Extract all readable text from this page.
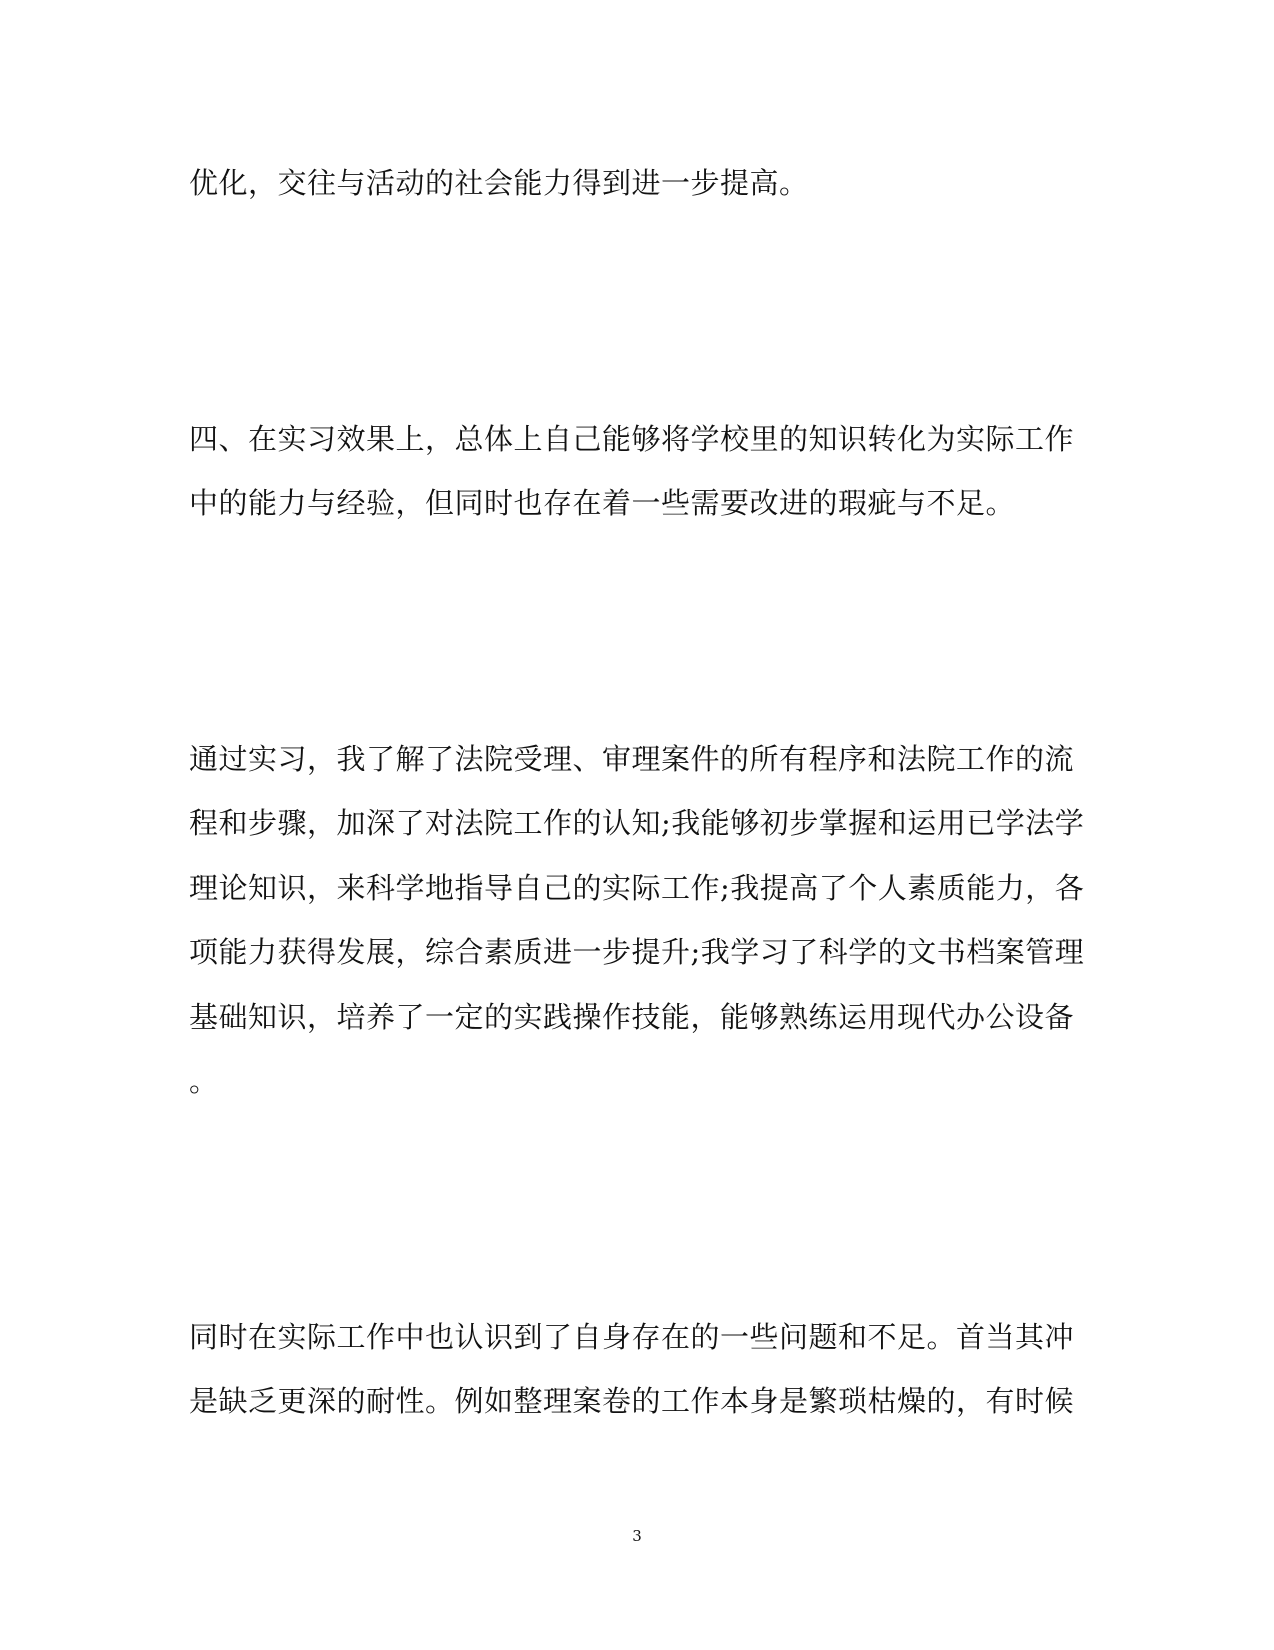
优化，交往与活动的社会能力得到进一步提高。
四、在实习效果上，总体上自己能够将学校里的知识转化为实际工作
中的能力与经验，但同时也存在着一些需要改进的瑕疵与不足。
通过实习，我了解了法院受理、审理案件的所有程序和法院工作的流
程和步骤，加深了对法院工作的认知;我能够初步掌握和运用已学法学
理论知识，来科学地指导自己的实际工作;我提高了个人素质能力，各
项能力获得发展，综合素质进一步提升;我学习了科学的文书档案管理
基础知识，培养了一定的实践操作技能，能够熟练运用现代办公设备
。
同时在实际工作中也认识到了自身存在的一些问题和不足。首当其冲
是缺乏更深的耐性。例如整理案卷的工作本身是繁琐枯燥的，有时候
3
